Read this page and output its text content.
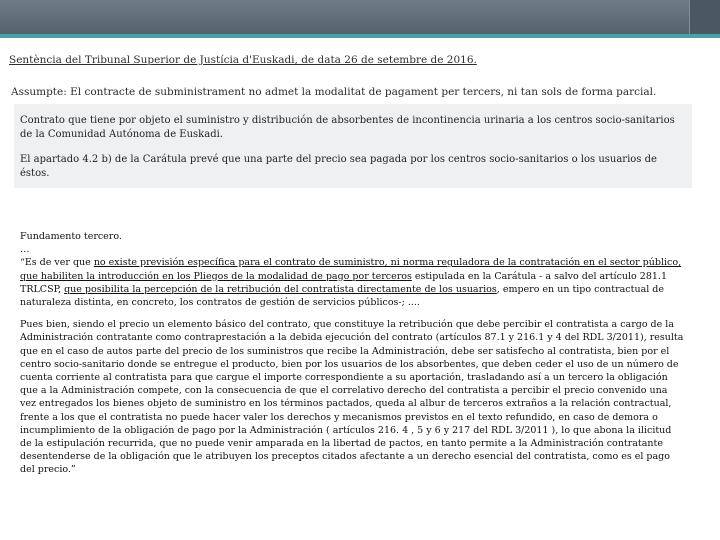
Sentència del Tribunal Superior de Justícia d'Euskadi, de data 26 de setembre de 2016.
Assumpte: El contracte de subministrament no admet la modalitat de pagament per tercers, ni tan sols de forma parcial.

Contrato que tiene por objeto el suministro y distribución de absorbentes de incontinencia urinaria a los centros socio-sanitarios de la Comunidad Autónoma de Euskadi.

El apartado 4.2 b) de la Carátula prevé que una parte del precio sea pagada por los centros socio-sanitarios o los usuarios de éstos.

Fundamento tercero.

…

“Es de ver que no existe previsión específica para el contrato de suministro, ni norma reguladora de la contratación en el sector público, que habiliten la introducción en los Pliegos de la modalidad de pago por terceros estipulada en la Carátula - a salvo del artículo 281.1 TRLCSP, que posibilita la percepción de la retribución del contratista directamente de los usuarios, empero en un tipo contractual de naturaleza distinta, en concreto, los contratos de gestión de servicios públicos-; ....

Pues bien, siendo el precio un elemento básico del contrato, que constituye la retribución que debe percibir el contratista a cargo de la Administración contratante como contraprestación a la debida ejecución del contrato (artículos 87.1 y 216.1 y 4 del RDL 3/2011), resulta que en el caso de autos parte del precio de los suministros que recibe la Administración, debe ser satisfecho al contratista, bien por el centro socio-sanitario donde se entregue el producto, bien por los usuarios de los absorbentes, que deben ceder el uso de un número de cuenta corriente al contratista para que cargue el importe correspondiente a su aportación, trasladando así a un tercero la obligación que a la Administración compete, con la consecuencia de que el correlativo derecho del contratista a percibir el precio convenido una vez entregados los bienes objeto de suministro en los términos pactados, queda al albur de terceros extraños a la relación contractual, frente a los que el contratista no puede hacer valer los derechos y mecanismos previstos en el texto refundido, en caso de demora o incumplimiento de la obligación de pago por la Administración ( artículos 216. 4 , 5 y 6 y 217 del RDL 3/2011 ), lo que abona la ilicitud de la estipulación recurrida, que no puede venir amparada en la libertad de pactos, en tanto permite a la Administración contratante desentenderse de la obligación que le atribuyen los preceptos citados afectante a un derecho esencial del contratista, como es el pago del precio.”
